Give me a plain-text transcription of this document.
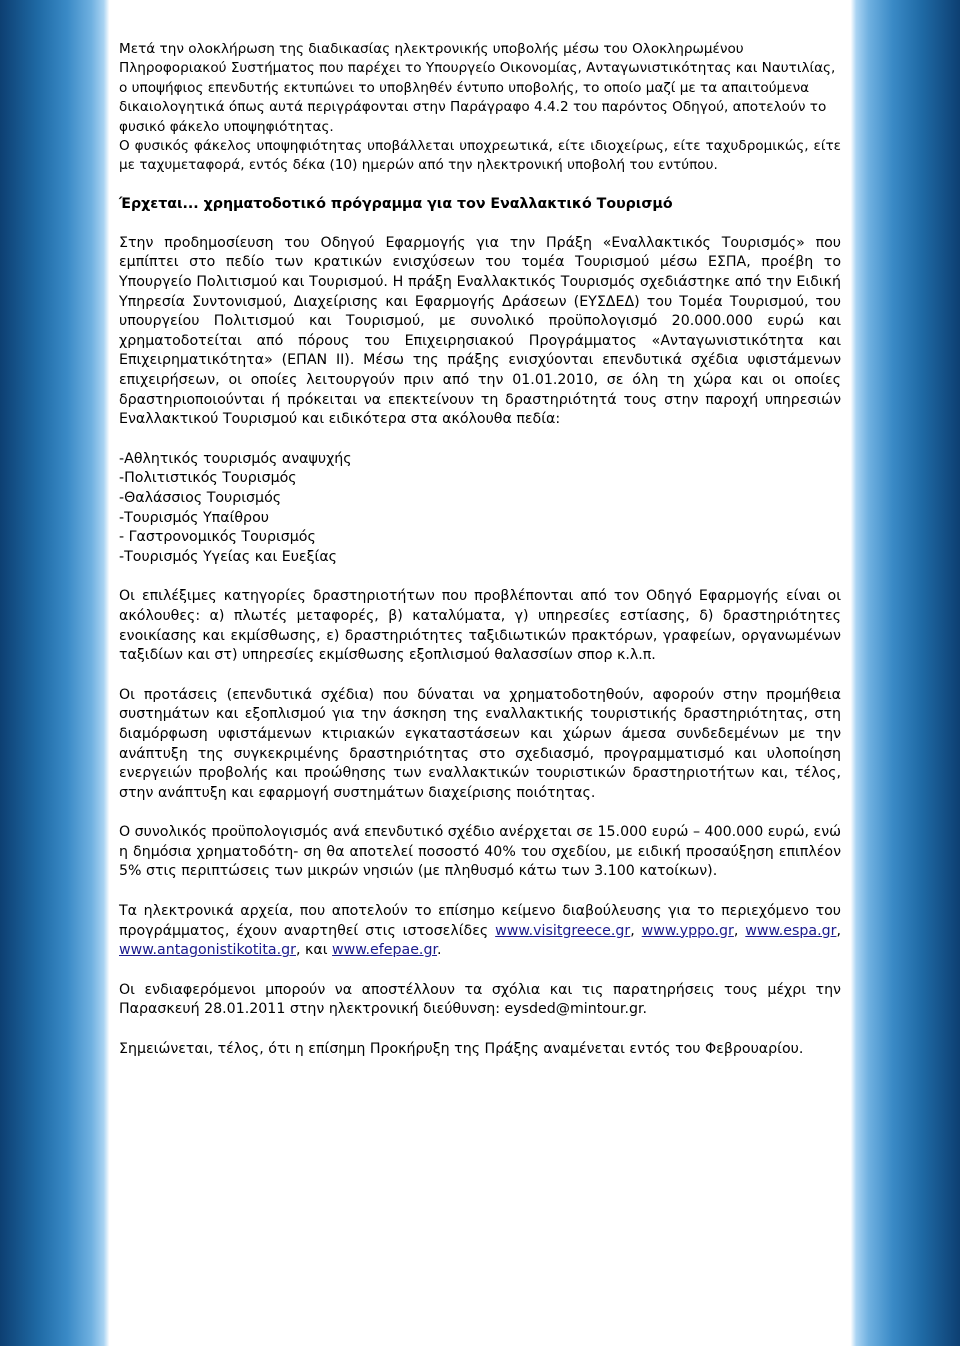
Μετά την ολοκλήρωση της διαδικασίας ηλεκτρονικής υποβολής μέσω του Ολοκληρωμένου Πληροφοριακού Συστήματος που παρέχει το Υπουργείο Οικονομίας, Ανταγωνιστικότητας και Ναυτιλίας, ο υποψήφιος επενδυτής εκτυπώνει το υποβληθέν έντυπο υποβολής, το οποίο μαζί με τα απαιτούμενα δικαιολογητικά όπως αυτά περιγράφονται στην Παράγραφο 4.4.2 του παρόντος Οδηγού, αποτελούν το φυσικό φάκελο υποψηφιότητας.

Ο φυσικός φάκελος υποψηφιότητας υποβάλλεται υποχρεωτικά, είτε ιδιοχείρως, είτε ταχυδρομικώς, είτε με ταχυμεταφορά, εντός δέκα (10) ημερών από την ηλεκτρονική υποβολή του εντύπου.

Έρχεται... χρηματοδοτικό πρόγραμμα για τον Εναλλακτικό Τουρισμό

Στην προδημοσίευση του Οδηγού Εφαρμογής για την Πράξη «Εναλλακτικός Τουρισμός» που εμπίπτει στο πεδίο των κρατικών ενισχύσεων του τομέα Τουρισμού μέσω ΕΣΠΑ, προέβη το Υπουργείο Πολιτισμού και Τουρισμού. Η πράξη Εναλλακτικός Τουρισμός σχεδιάστηκε από την Ειδική Υπηρεσία Συντονισμού, Διαχείρισης και Εφαρμογής Δράσεων (ΕΥΣΔΕΔ) του Τομέα Τουρισμού, του υπουργείου Πολιτισμού και Τουρισμού, με συνολικό προϋπολογισμό 20.000.000 ευρώ και χρηματοδοτείται από πόρους του Επιχειρησιακού Προγράμματος «Ανταγωνιστικότητα και Επιχειρηματικότητα» (ΕΠΑΝ ΙΙ). Μέσω της πράξης ενισχύονται επενδυτικά σχέδια υφιστάμενων επιχειρήσεων, οι οποίες λειτουργούν πριν από την 01.01.2010, σε όλη τη χώρα και οι οποίες δραστηριοποιούνται ή πρόκειται να επεκτείνουν τη δραστηριότητά τους στην παροχή υπηρεσιών Εναλλακτικού Τουρισμού και ειδικότερα στα ακόλουθα πεδία:

-Αθλητικός τουρισμός αναψυχής

-Πολιτιστικός Τουρισμός

-Θαλάσσιος Τουρισμός

-Τουρισμός Υπαίθρου

- Γαστρονομικός Τουρισμός

-Τουρισμός Υγείας και Ευεξίας

Οι επιλέξιμες κατηγορίες δραστηριοτήτων που προβλέπονται από τον Οδηγό Εφαρμογής είναι οι ακόλουθες: α) πλωτές μεταφορές, β) καταλύματα, γ) υπηρεσίες εστίασης, δ) δραστηριότητες ενοικίασης και εκμίσθωσης, ε) δραστηριότητες ταξιδιωτικών πρακτόρων, γραφείων, οργανωμένων ταξιδίων και στ) υπηρεσίες εκμίσθωσης εξοπλισμού θαλασσίων σπορ κ.λ.π.

Οι προτάσεις (επενδυτικά σχέδια) που δύναται να χρηματοδοτηθούν, αφορούν στην προμήθεια συστημάτων και εξοπλισμού για την άσκηση της εναλλακτικής τουριστικής δραστηριότητας, στη διαμόρφωση υφιστάμενων κτιριακών εγκαταστάσεων και χώρων άμεσα συνδεδεμένων με την ανάπτυξη της συγκεκριμένης δραστηριότητας στο σχεδιασμό, προγραμματισμό και υλοποίηση ενεργειών προβολής και προώθησης των εναλλακτικών τουριστικών δραστηριοτήτων και, τέλος, στην ανάπτυξη και εφαρμογή συστημάτων διαχείρισης ποιότητας.

Ο συνολικός προϋπολογισμός ανά επενδυτικό σχέδιο ανέρχεται σε 15.000 ευρώ – 400.000 ευρώ, ενώ η δημόσια χρηματοδότη- ση θα αποτελεί ποσοστό 40% του σχεδίου, με ειδική προσαύξηση επιπλέον 5% στις περιπτώσεις των μικρών νησιών (με πληθυσμό κάτω των 3.100 κατοίκων).

Τα ηλεκτρονικά αρχεία, που αποτελούν το επίσημο κείμενο διαβούλευσης για το περιεχόμενο του προγράμματος, έχουν αναρτηθεί στις ιστοσελίδες www.visitgreece.gr, www.yppo.gr, www.espa.gr, www.antagonistikotita.gr, και www.efepae.gr.

Οι ενδιαφερόμενοι μπορούν να αποστέλλουν τα σχόλια και τις παρατηρήσεις τους μέχρι την Παρασκευή 28.01.2011 στην ηλεκτρονική διεύθυνση: eysded@mintour.gr.

Σημειώνεται, τέλος, ότι η επίσημη Προκήρυξη της Πράξης αναμένεται εντός του Φεβρουαρίου.
